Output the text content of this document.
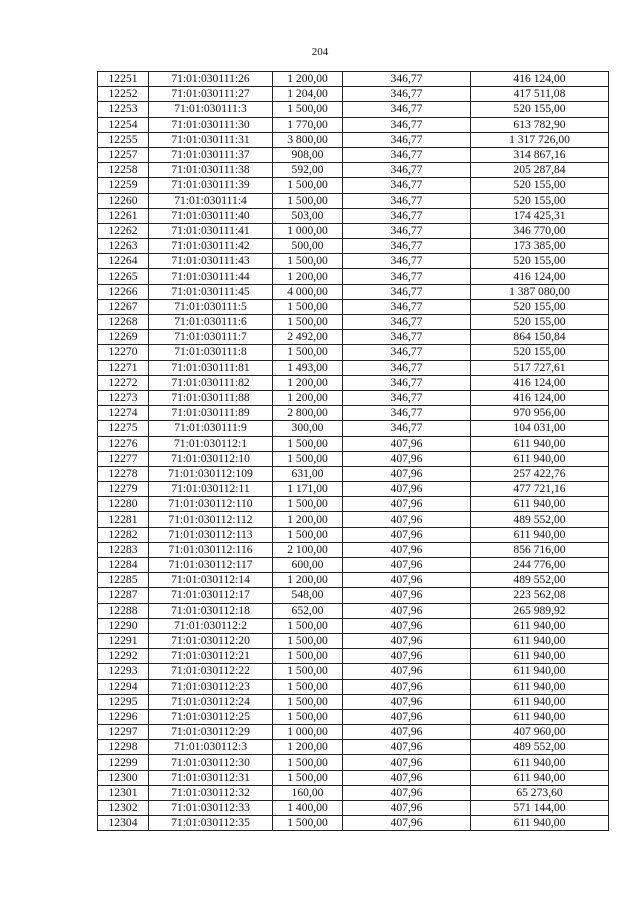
204
12251	71:01:030111:26	1 200,00	346,77	416 124,00
12252	71:01:030111:27	1 204,00	346,77	417 511,08
12253	71:01:030111:3	1 500,00	346,77	520 155,00
12254	71:01:030111:30	1 770,00	346,77	613 782,90
12255	71:01:030111:31	3 800,00	346,77	1 317 726,00
12257	71:01:030111:37	908,00	346,77	314 867,16
12258	71:01:030111:38	592,00	346,77	205 287,84
12259	71:01:030111:39	1 500,00	346,77	520 155,00
12260	71:01:030111:4	1 500,00	346,77	520 155,00
12261	71:01:030111:40	503,00	346,77	174 425,31
12262	71:01:030111:41	1 000,00	346,77	346 770,00
12263	71:01:030111:42	500,00	346,77	173 385,00
12264	71:01:030111:43	1 500,00	346,77	520 155,00
12265	71:01:030111:44	1 200,00	346,77	416 124,00
12266	71:01:030111:45	4 000,00	346,77	1 387 080,00
12267	71:01:030111:5	1 500,00	346,77	520 155,00
12268	71:01:030111:6	1 500,00	346,77	520 155,00
12269	71:01:030111:7	2 492,00	346,77	864 150,84
12270	71:01:030111:8	1 500,00	346,77	520 155,00
12271	71:01:030111:81	1 493,00	346,77	517 727,61
12272	71:01:030111:82	1 200,00	346,77	416 124,00
12273	71:01:030111:88	1 200,00	346,77	416 124,00
12274	71:01:030111:89	2 800,00	346,77	970 956,00
12275	71:01:030111:9	300,00	346,77	104 031,00
12276	71:01:030112:1	1 500,00	407,96	611 940,00
12277	71:01:030112:10	1 500,00	407,96	611 940,00
12278	71:01:030112:109	631,00	407,96	257 422,76
12279	71:01:030112:11	1 171,00	407,96	477 721,16
12280	71:01:030112:110	1 500,00	407,96	611 940,00
12281	71:01:030112:112	1 200,00	407,96	489 552,00
12282	71:01:030112:113	1 500,00	407,96	611 940,00
12283	71:01:030112:116	2 100,00	407,96	856 716,00
12284	71:01:030112:117	600,00	407,96	244 776,00
12285	71:01:030112:14	1 200,00	407,96	489 552,00
12287	71:01:030112:17	548,00	407,96	223 562,08
12288	71:01:030112:18	652,00	407,96	265 989,92
12290	71:01:030112:2	1 500,00	407,96	611 940,00
12291	71:01:030112:20	1 500,00	407,96	611 940,00
12292	71:01:030112:21	1 500,00	407,96	611 940,00
12293	71:01:030112:22	1 500,00	407,96	611 940,00
12294	71:01:030112:23	1 500,00	407,96	611 940,00
12295	71:01:030112:24	1 500,00	407,96	611 940,00
12296	71:01:030112:25	1 500,00	407,96	611 940,00
12297	71:01:030112:29	1 000,00	407,96	407 960,00
12298	71:01:030112:3	1 200,00	407,96	489 552,00
12299	71:01:030112:30	1 500,00	407,96	611 940,00
12300	71:01:030112:31	1 500,00	407,96	611 940,00
12301	71:01:030112:32	160,00	407,96	65 273,60
12302	71:01:030112:33	1 400,00	407,96	571 144,00
12304	71:01:030112:35	1 500,00	407,96	611 940,00
